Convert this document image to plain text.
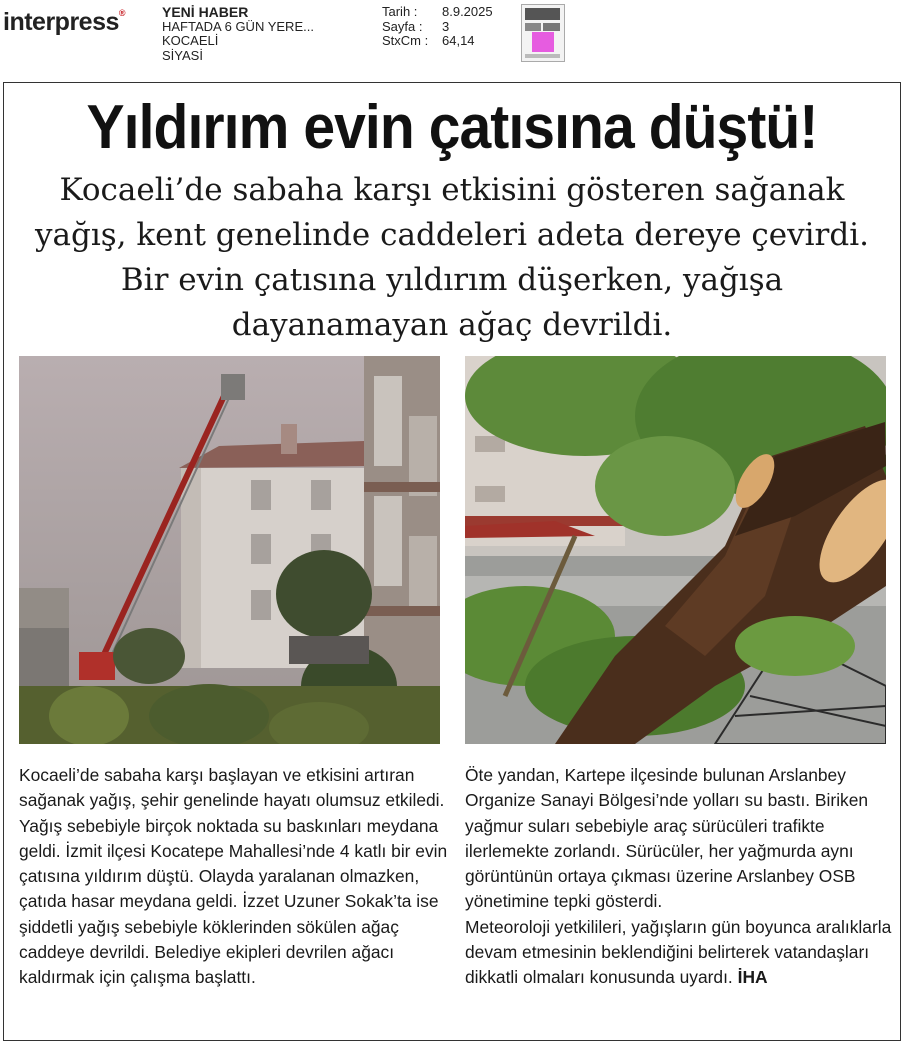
interpress®	YENİ HABER
HAFTADA 6 GÜN YERE...
KOCAELİ
SİYASİ
Tarih :	8.9.2025
Sayfa :	3
StxCm :	64,14
Yıldırım evin çatısına düştü!

Kocaeli’de sabaha karşı etkisini gösteren sağanak yağış, kent genelinde caddeleri adeta dereye çevirdi. Bir evin çatısına yıldırım düşerken, yağışa dayanamayan ağaç devrildi.

Kocaeli’de sabaha karşı başlayan ve etkisini artıran sağanak yağış, şehir genelinde hayatı olumsuz etkiledi. Yağış sebebiyle birçok noktada su baskınları meydana geldi. İzmit ilçesi Kocatepe Mahallesi’nde 4 katlı bir evin çatısına yıldırım düştü. Olayda yaralanan olmazken, çatıda hasar meydana geldi. İzzet Uzuner Sokak’ta ise şiddetli yağış sebebiyle köklerinden sökülen ağaç caddeye devrildi. Belediye ekipleri devrilen ağacı kaldırmak için çalışma başlattı.

Öte yandan, Kartepe ilçesinde bulunan Arslanbey Organize Sanayi Bölgesi’nde yolları su bastı. Biriken yağmur suları sebebiyle araç sürücüleri trafikte ilerlemekte zorlandı. Sürücüler, her yağmurda aynı görüntünün ortaya çıkması üzerine Arslanbey OSB yönetimine tepki gösterdi.

Meteoroloji yetkilileri, yağışların gün boyunca aralıklarla devam etmesinin beklendiğini belirterek vatandaşları dikkatli olmaları konusunda uyardı. İHA
